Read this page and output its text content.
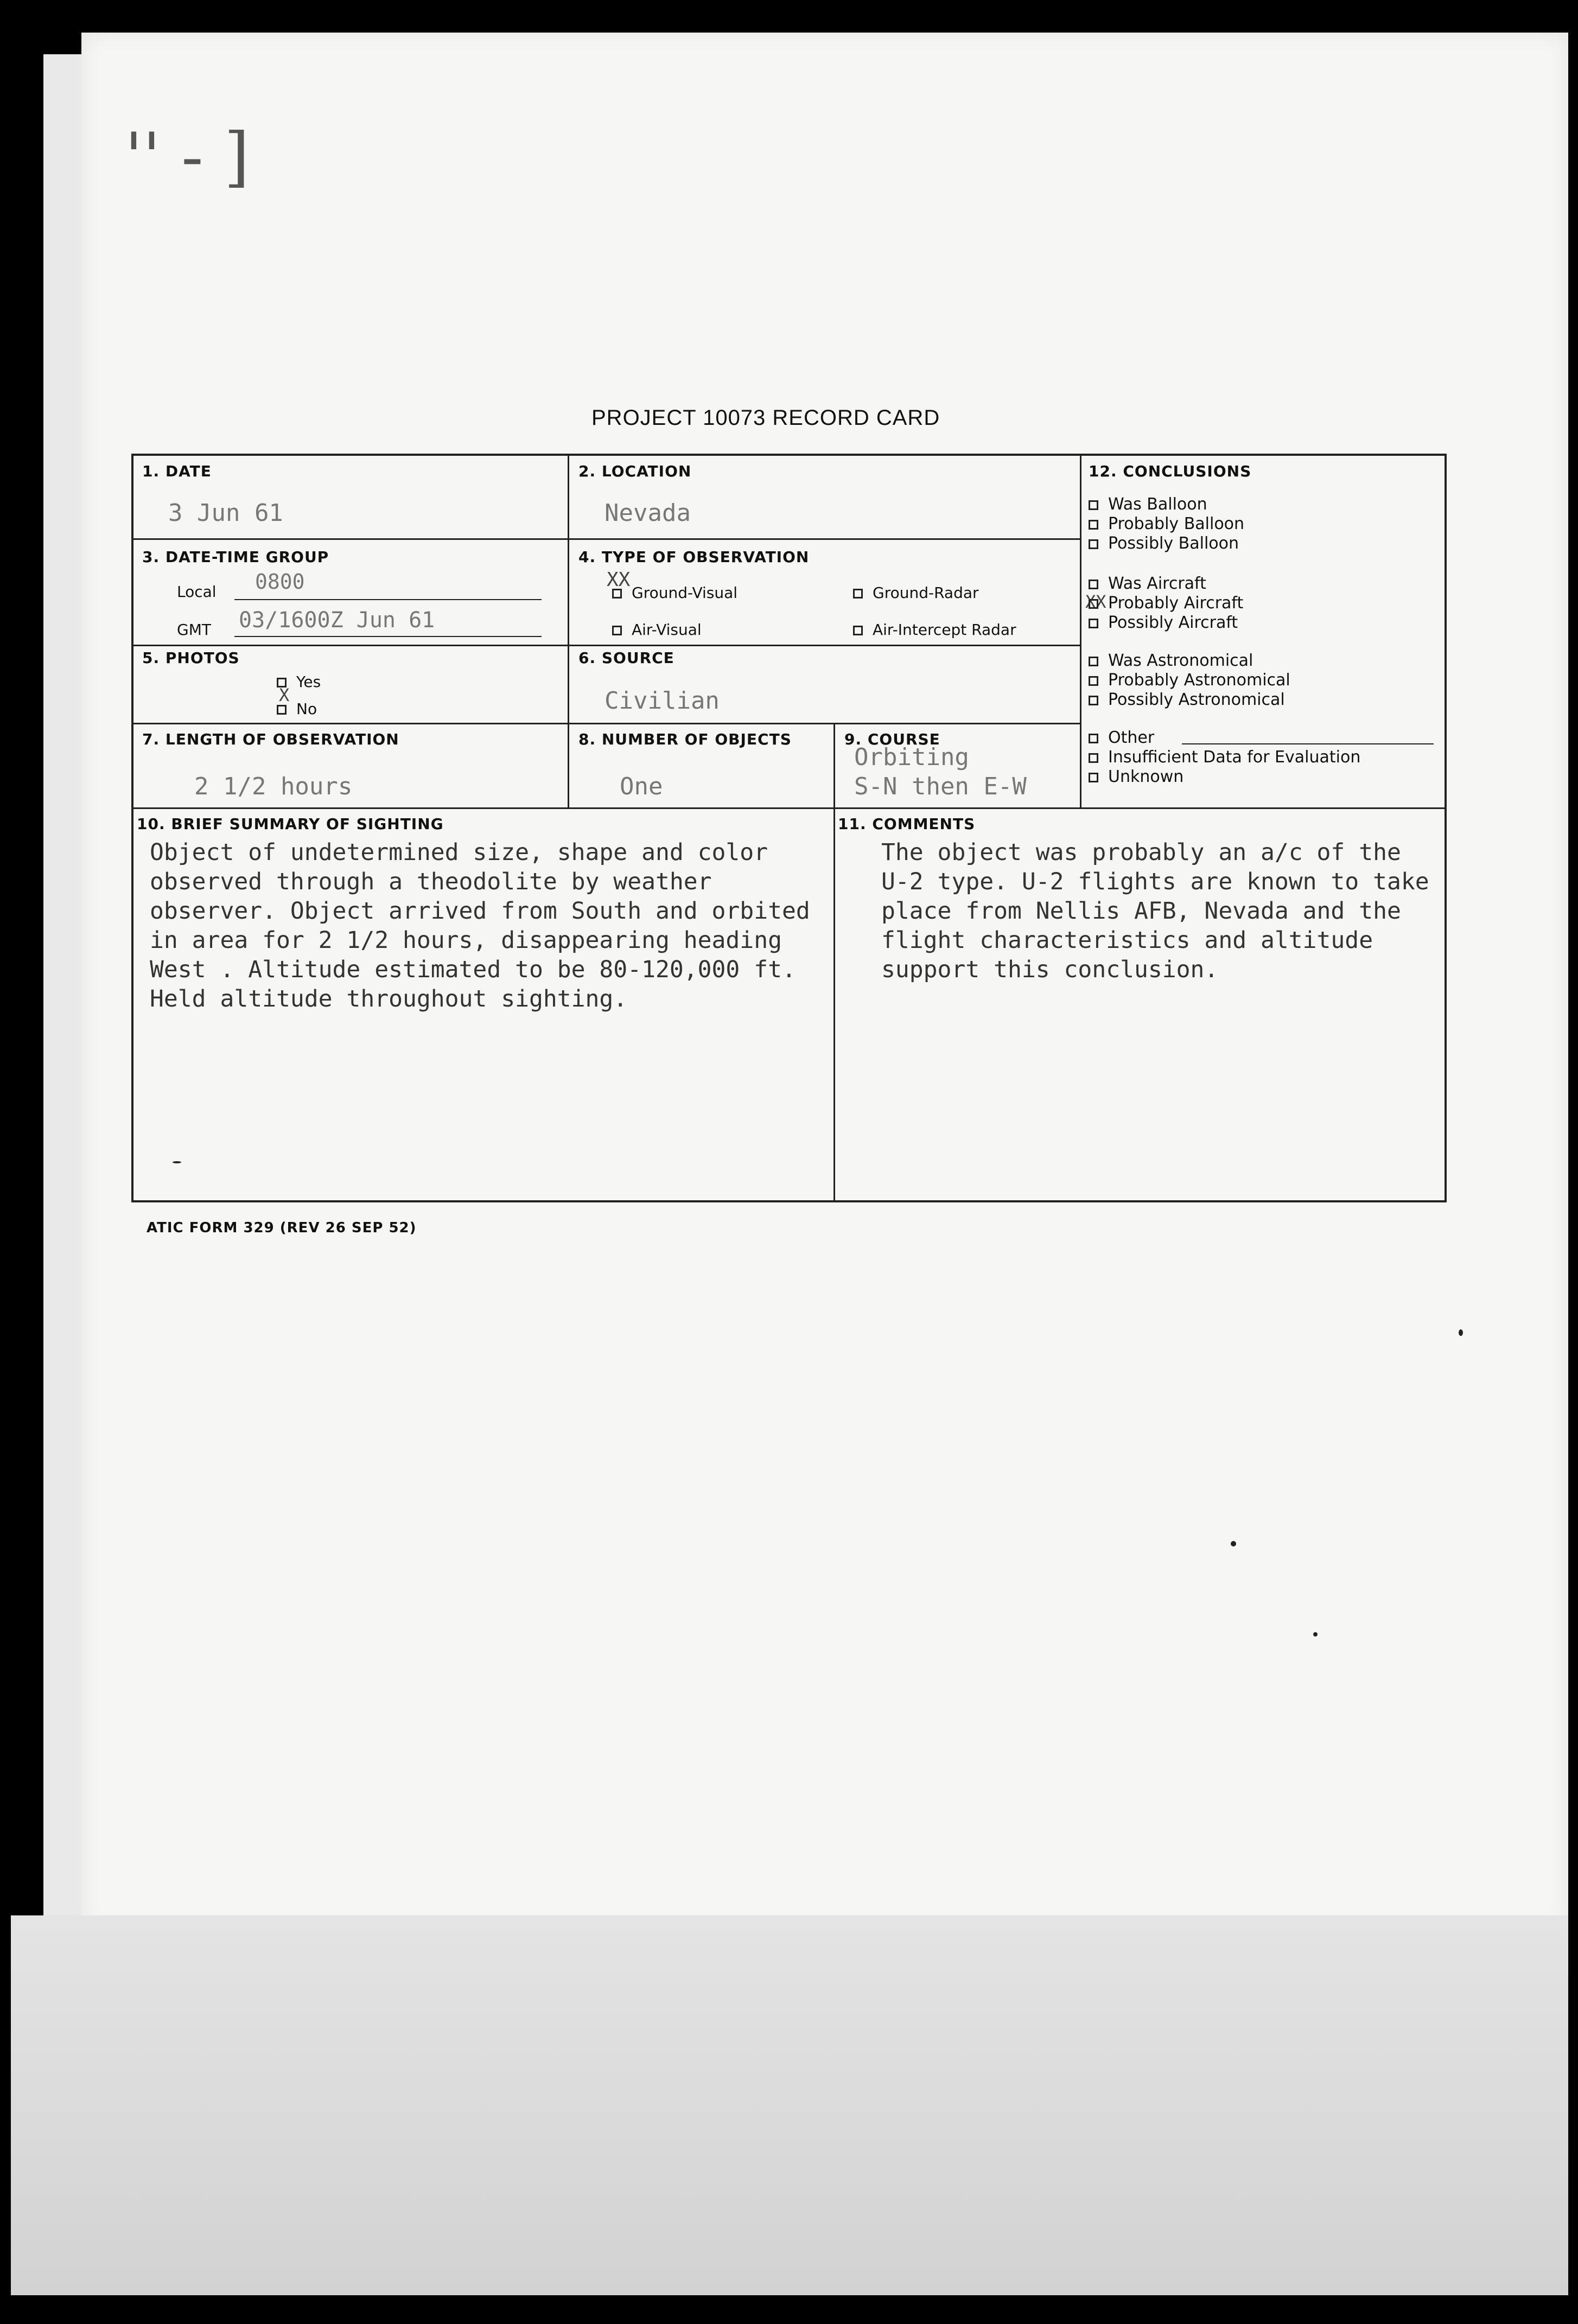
'' - ]
PROJECT 10073 RECORD CARD
1. DATE
3 Jun 61
2. LOCATION
Nevada
3. DATE-TIME GROUP
Local 0800
GMT 03/1600Z Jun 61
4. TYPE OF OBSERVATION
XX
Ground-Visual	Ground-Radar
Air-Visual	Air-Intercept Radar
5. PHOTOS
Yes
X
No
6. SOURCE
Civilian
7. LENGTH OF OBSERVATION
2 1/2 hours
8. NUMBER OF OBJECTS
One
9. COURSE
Orbiting
S-N then E-W
12. CONCLUSIONS
Was Balloon
Probably Balloon
Possibly Balloon
Was Aircraft
XX Probably Aircraft
Possibly Aircraft
Was Astronomical
Probably Astronomical
Possibly Astronomical
Other
Insufficient Data for Evaluation
Unknown
10. BRIEF SUMMARY OF SIGHTING
Object of undetermined size, shape and color
observed through a theodolite by weather
observer. Object arrived from South and orbited
in area for 2 1/2 hours, disappearing heading
West . Altitude estimated to be 80-120,000 ft.
Held altitude throughout sighting.
11. COMMENTS
The object was probably an a/c of the
U-2 type. U-2 flights are known to take
place from Nellis AFB, Nevada and the
flight characteristics and altitude
support this conclusion.
ATIC FORM 329 (REV 26 SEP 52)
